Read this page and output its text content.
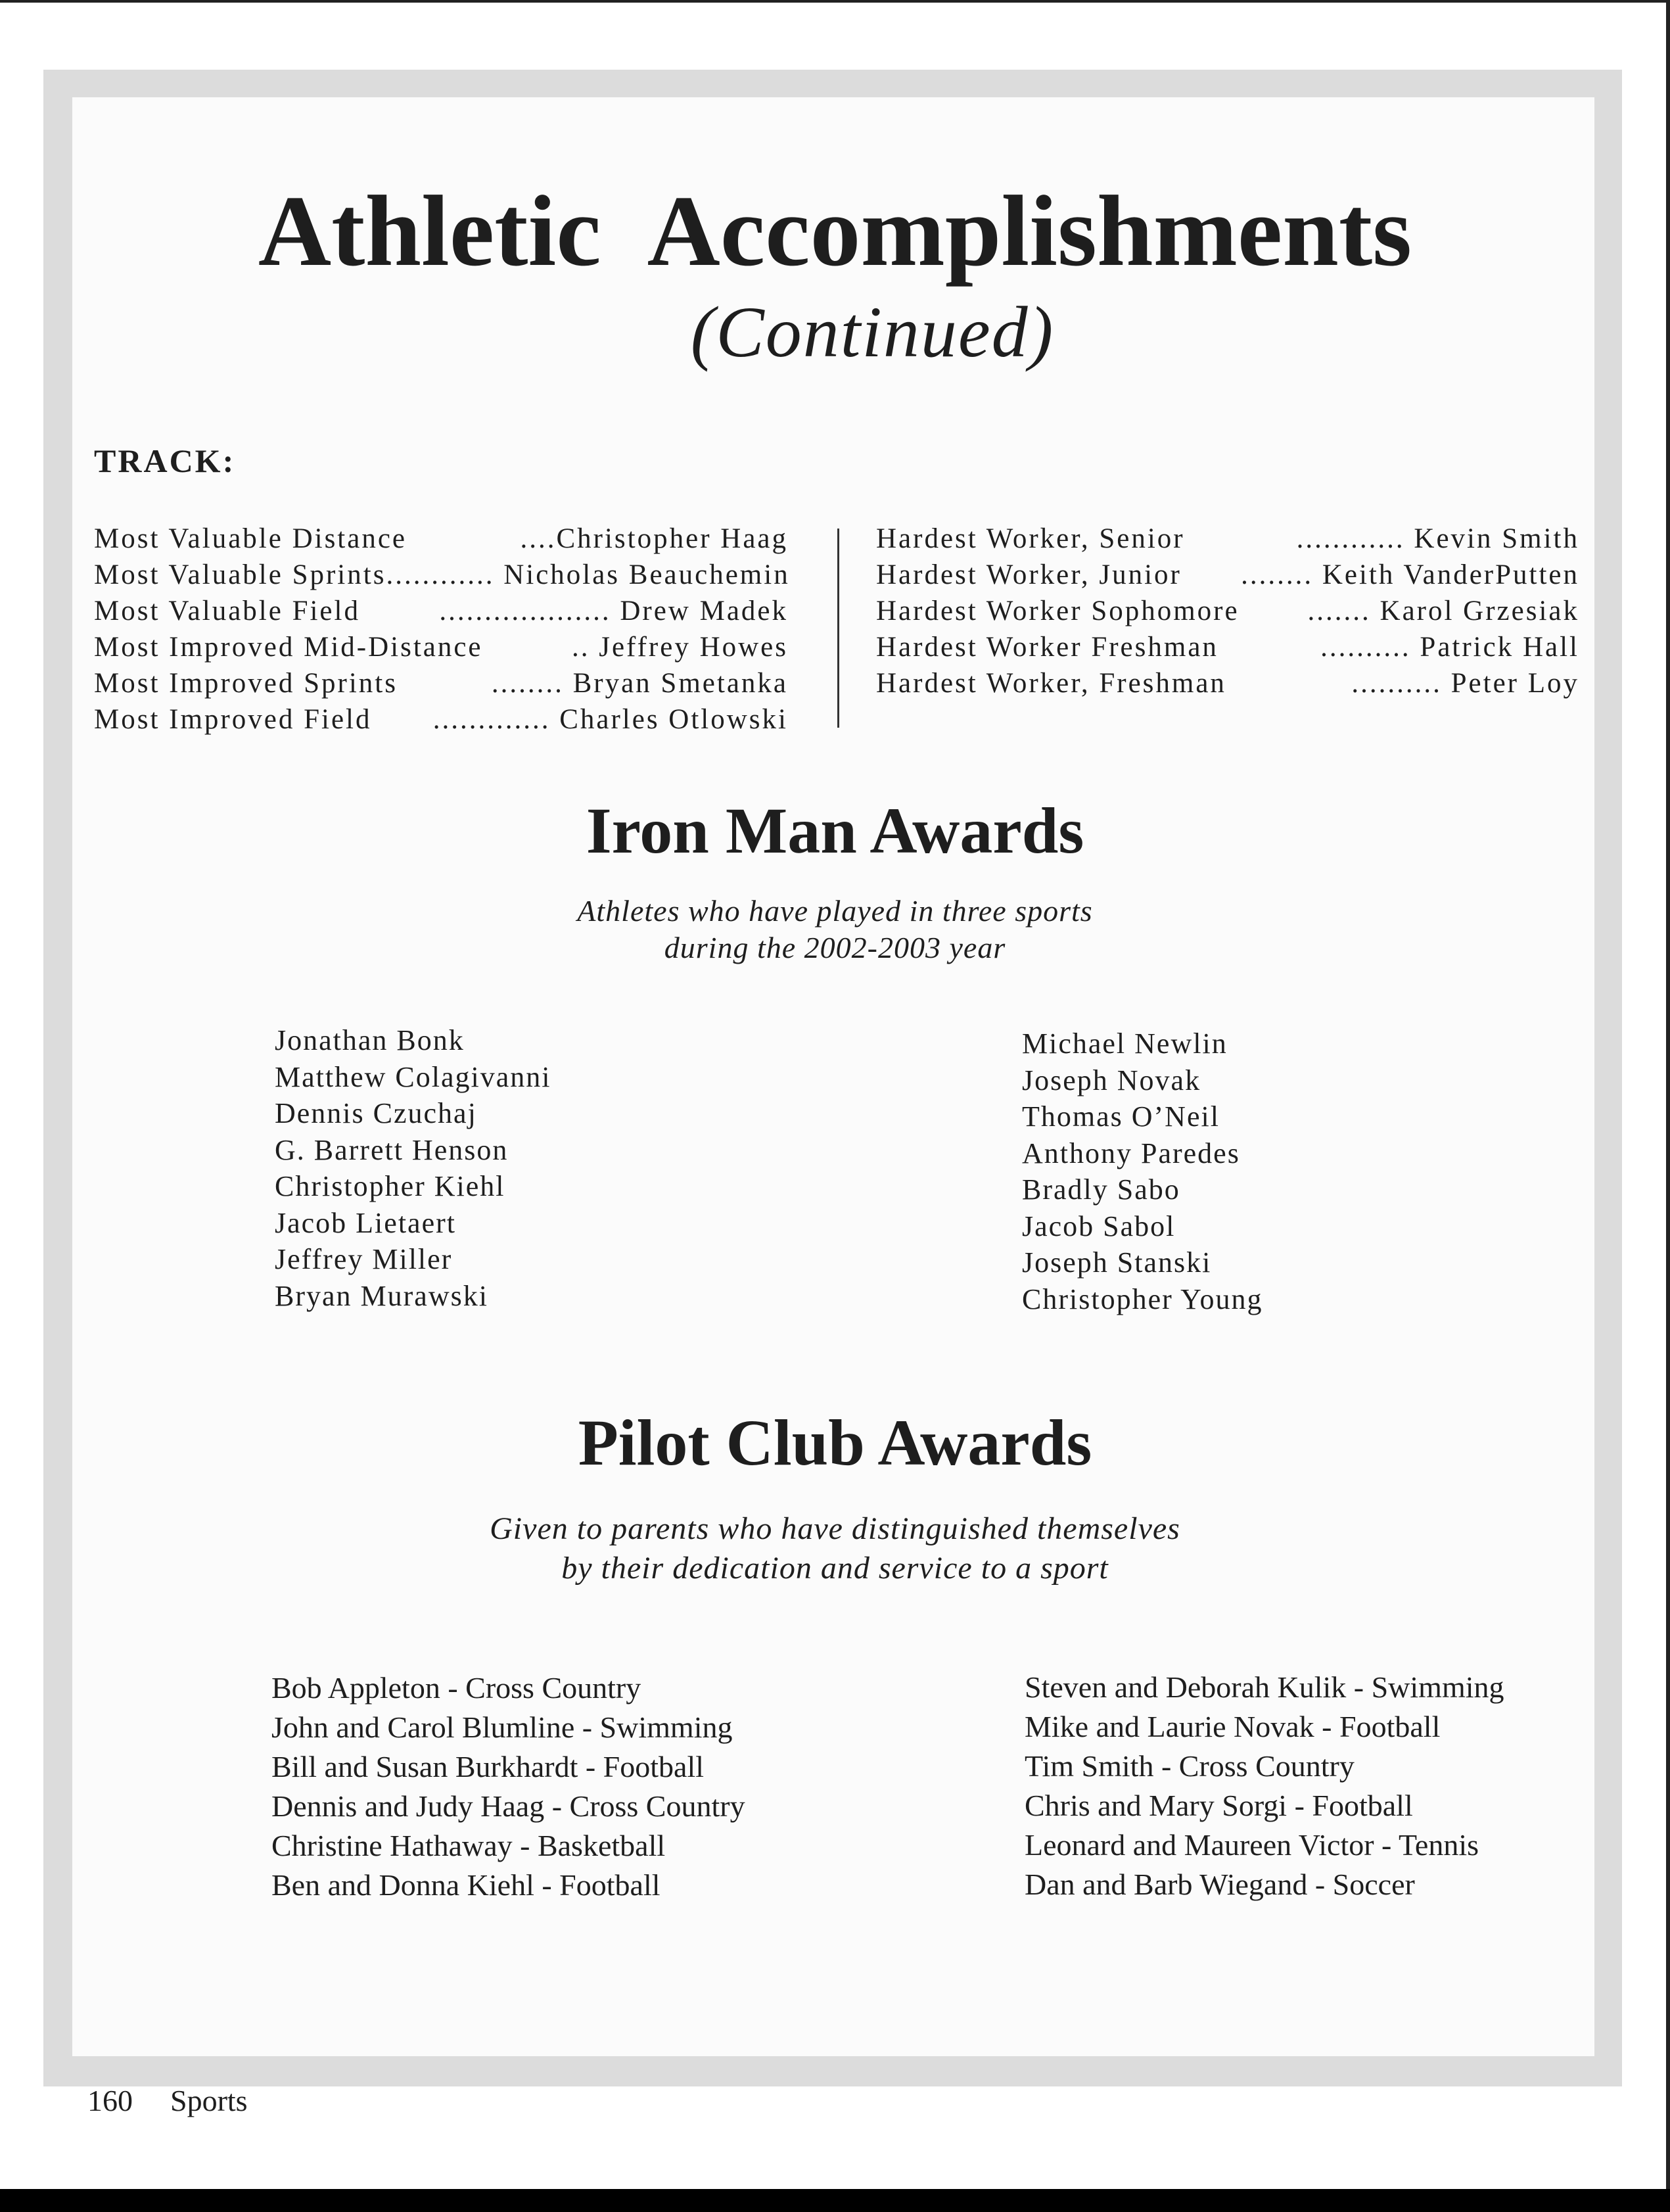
Athletic Accomplishments
(Continued)
TRACK:
Most Valuable Distance	....Christopher Haag
Most Valuable Sprints ............ Nicholas Beauchemin
Most Valuable Field	................... Drew Madek
Most Improved Mid-Distance	.. Jeffrey Howes
Most Improved Sprints	........ Bryan Smetanka
Most Improved Field ............. Charles Otlowski
Hardest Worker, Senior	............ Kevin Smith
Hardest Worker, Junior ........ Keith VanderPutten
Hardest Worker Sophomore ....... Karol Grzesiak
Hardest Worker Freshman	.......... Patrick Hall
Hardest Worker, Freshman	.......... Peter Loy
Iron Man Awards
Athletes who have played in three sports
during the 2002-2003 year
Jonathan Bonk
Matthew Colagivanni
Dennis Czuchaj
G. Barrett Henson
Christopher Kiehl
Jacob Lietaert
Jeffrey Miller
Bryan Murawski
Michael Newlin
Joseph Novak
Thomas O’Neil
Anthony Paredes
Bradly Sabo
Jacob Sabol
Joseph Stanski
Christopher Young
Pilot Club Awards
Given to parents who have distinguished themselves
by their dedication and service to a sport
Bob Appleton - Cross Country
John and Carol Blumline - Swimming
Bill and Susan Burkhardt - Football
Dennis and Judy Haag - Cross Country
Christine Hathaway - Basketball
Ben and Donna Kiehl - Football
Steven and Deborah Kulik - Swimming
Mike and Laurie Novak - Football
Tim Smith - Cross Country
Chris and Mary Sorgi - Football
Leonard and Maureen Victor - Tennis
Dan and Barb Wiegand - Soccer
160 Sports
